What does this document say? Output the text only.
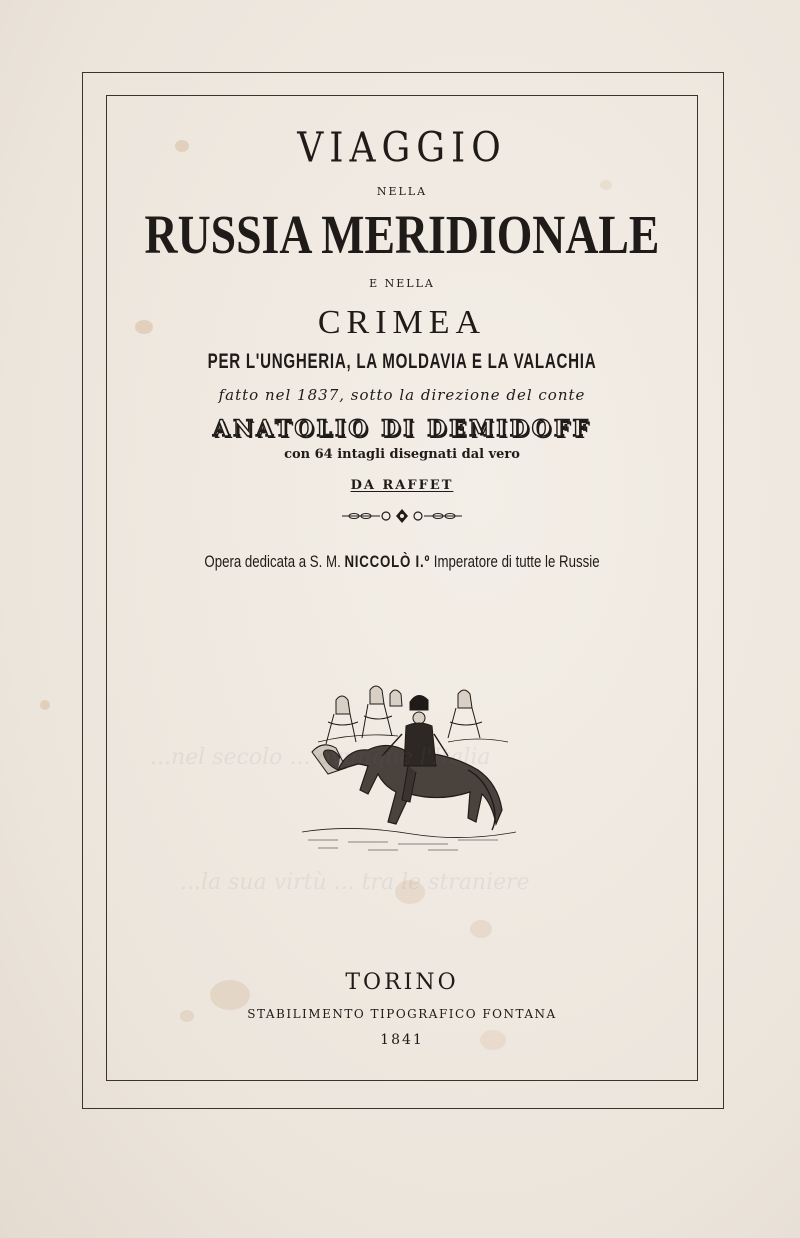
VIAGGIO
NELLA
RUSSIA MERIDIONALE
E NELLA
CRIMEA
PER L'UNGHERIA, LA MOLDAVIA E LA VALACHIA
fatto nel 1837, sotto la direzione del conte
ANATOLIO DI DEMIDOFF
con 64 intagli disegnati dal vero
DA RAFFET
Opera dedicata a S. M. NICCOLÒ I.º Imperatore di tutte le Russie
...nel secolo ... ovunque l'Italia
...la sua virtù ... tra le straniere
TORINO
STABILIMENTO TIPOGRAFICO FONTANA
1841
